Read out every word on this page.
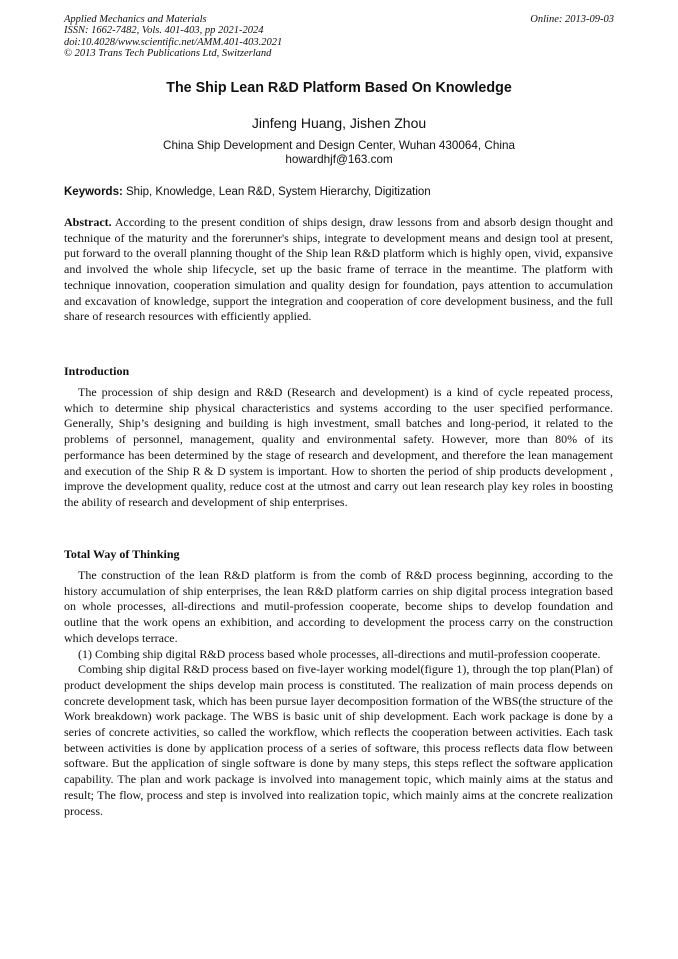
Applied Mechanics and Materials
ISSN: 1662-7482, Vols. 401-403, pp 2021-2024
doi:10.4028/www.scientific.net/AMM.401-403.2021
© 2013 Trans Tech Publications Ltd, Switzerland
Online: 2013-09-03
The Ship Lean R&D Platform Based On Knowledge
Jinfeng Huang, Jishen Zhou
China Ship Development and Design Center, Wuhan 430064, China
howardhjf@163.com
Keywords: Ship, Knowledge, Lean R&D, System Hierarchy, Digitization

Abstract. According to the present condition of ships design, draw lessons from and absorb design thought and technique of the maturity and the forerunner's ships, integrate to development means and design tool at present, put forward to the overall planning thought of the Ship lean R&D platform which is highly open, vivid, expansive and involved the whole ship lifecycle, set up the basic frame of terrace in the meantime. The platform with technique innovation, cooperation simulation and quality design for foundation, pays attention to accumulation and excavation of knowledge, support the integration and cooperation of core development business, and the full share of research resources with efficiently applied.

Introduction

The procession of ship design and R&D (Research and development) is a kind of cycle repeated process, which to determine ship physical characteristics and systems according to the user specified performance. Generally, Ship’s designing and building is high investment, small batches and long-period, it related to the problems of personnel, management, quality and environmental safety. However, more than 80% of its performance has been determined by the stage of research and development, and therefore the lean management and execution of the Ship R & D system is important. How to shorten the period of ship products development , improve the development quality, reduce cost at the utmost and carry out lean research play key roles in boosting the ability of research and development of ship enterprises.

Total Way of Thinking

The construction of the lean R&D platform is from the comb of R&D process beginning, according to the history accumulation of ship enterprises, the lean R&D platform carries on ship digital process integration based on whole processes, all-directions and mutil-profession cooperate, become ships to develop foundation and outline that the work opens an exhibition, and according to development the process carry on the construction which develops terrace.

(1) Combing ship digital R&D process based whole processes, all-directions and mutil-profession cooperate.

Combing ship digital R&D process based on five-layer working model(figure 1), through the top plan(Plan) of product development the ships develop main process is constituted. The realization of main process depends on concrete development task, which has been pursue layer decomposition formation of the WBS(the structure of the Work breakdown) work package. The WBS is basic unit of ship development. Each work package is done by a series of concrete activities, so called the workflow, which reflects the cooperation between activities. Each task between activities is done by application process of a series of software, this process reflects data flow between software. But the application of single software is done by many steps, this steps reflect the software application capability. The plan and work package is involved into management topic, which mainly aims at the status and result; The flow, process and step is involved into realization topic, which mainly aims at the concrete realization process.
